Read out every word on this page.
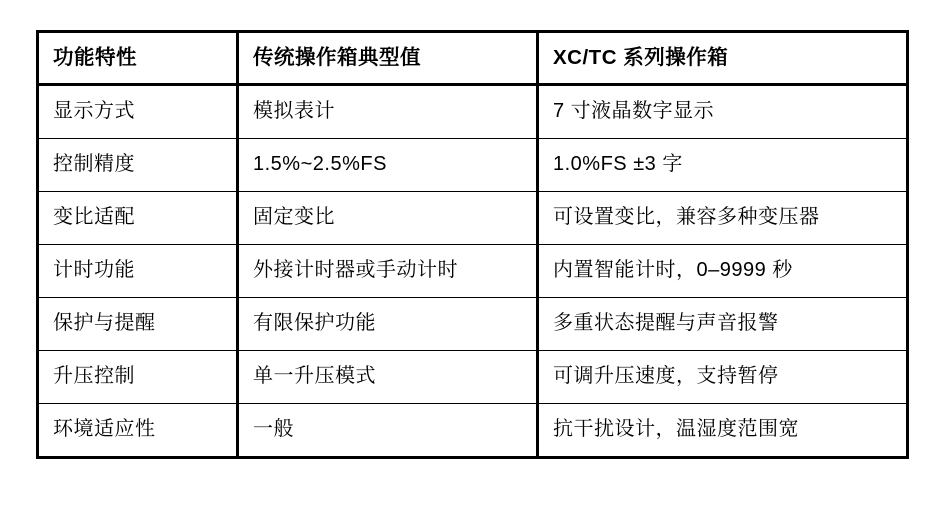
功能特性	传统操作箱典型值	XC/TC 系列操作箱
显示方式	模拟表计	7 寸液晶数字显示
控制精度	1.5%~2.5%FS	1.0%FS ±3 字
变比适配	固定变比	可设置变比，兼容多种变压器
计时功能	外接计时器或手动计时	内置智能计时，0–9999 秒
保护与提醒	有限保护功能	多重状态提醒与声音报警
升压控制	单一升压模式	可调升压速度，支持暂停
环境适应性	一般	抗干扰设计，温湿度范围宽
